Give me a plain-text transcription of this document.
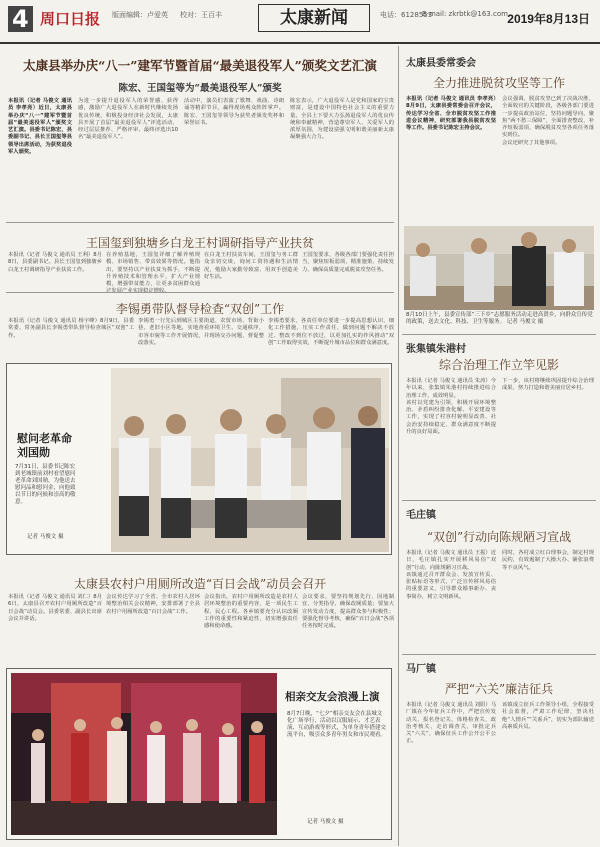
4 周口日报 版面编辑：卢爱英 校对：王百丰	太康新闻	电话：6128553
E-mail: zkrbtk@163.com 2019年8月13日
太康县举办庆“八一”建军节暨首届“最美退役军人”颁奖文艺汇演
陈宏、王国玺等为“最美退役军人”颁奖

本报讯（记者 马俊文 通讯员 李孝亮）近日，太康县举办庆“八一”建军节暨首届“最美退役军人”颁奖文艺汇演。县委书记陈宏，县委副书记、县长王国玺等县领导出席活动，为获奖退役军人颁奖。

为进一步提升退役军人的荣誉感、获得感，激励广大退役军人在新时代继续发扬优良传统，积极投身经济社会发展，太康县开展了首届“最美退役军人”评选活动，经过层层推荐、严格评审，最终评选出10名“最美退役军人”。

活动中，演员们表演了歌舞、戏曲、诗朗诵等精彩节目，赢得现场观众阵阵掌声。陈宏、王国玺等领导为获奖者颁发奖杯和荣誉证书。

陈宏表示，广大退役军人是党和国家的宝贵财富，是建设中国特色社会主义的重要力量。全县上下要大力弘扬退役军人的优良传统和奉献精神，营造尊崇军人、关爱军人的浓厚氛围，为建设富强文明和谐美丽新太康凝聚强大合力。

王国玺到独塘乡白龙王村调研指导产业扶贫

本报讯（记者 马俊文 通讯员 王利）8月8日，县委副书记、县长王国玺到独塘乡白龙王村调研指导产业扶贫工作。

在养殖基地，王国玺详细了解养殖规模、市场销售、带贫效果等情况。他指出，要坚持以产业扶贫为抓手，不断提升养殖技术和管理水平，扩大产业规模，增强带贫能力，让更多贫困群众通

在白龙王村扶贫车间，王国玺与务工群众亲切交谈，询问工资待遇和生活情况，勉励大家勤劳致富、用双手创造美好生活。

王国玺要求，各级各部门要强化责任担当，聚焦短板弱项，精准施策、持续发力，确保高质量完成脱贫攻坚任务。

李锡勇带队督导检查“双创”工作

本报讯（记者 马俊文 通讯员 杨宇峰）8月9日，县委常委、常务副县长李锡勇带队督导检查城区“双创”工作。

李锡勇一行先后到城区主要街道、农贸市场、背街小巷、老旧小区等地，实地查看环境卫生、交通秩序、市容市貌等工作开展情况，并现场交办问题、督促整改落实。

李锡勇要求，各责任单位要进一步提高思想认识，细化工作措施，压实工作责任，做到问题不解决不放过、整改不到位不放过，以更加扎实的作风推动“双创”工作取得实效，不断提升城市品位和群众满意度。

慰问老革命刘国勋
7月31日，县委书记陈宏到老城镇前刘村看望慰问老革命刘国勋，为他送去慰问品和慰问金，向他致以节日的问候和崇高的敬意。
记者 马俊文 摄
太康县农村户用厕所改造“百日会战”动员会召开

本报讯（记者 马俊文 通讯员 刘仁）8月6日，太康县召开农村户用厕所改造“百日会战”动员会。县委常委、副县长出席会议并讲话。

会议传达学习了全省、全市农村人居环境整治相关会议精神，安排部署了全县农村户用厕所改造“百日会战”工作。

会议指出，农村户用厕所改造是农村人居环境整治的重要内容，是一项民生工程、民心工程。各乡镇要充分认识改厕工作的重要性和紧迫性，切实增强责任感和使命感。

会议要求，要坚持规划先行、因地制宜、分类指导，确保改厕质量；要加大宣传发动力度，提高群众参与积极性；要强化督导考核，确保“百日会战”各项任务按时完成。

相亲交友会浪漫上演
8月7日晚，“七夕”相亲交友会在县城文化广场举行，活动以汉服展示、才艺表演、互动游戏等形式，为单身青年搭建交流平台，吸引众多青年男女和市民观看。
记者 马俊文 摄
太康县委常委会
全力推进脱贫攻坚等工作

本报讯（记者 马俊文 通讯员 李孝亮）8月9日，太康县委常委会召开会议，传达学习全省、全市脱贫攻坚工作推进会议精神，研究部署我县脱贫攻坚等工作。县委书记陈宏主持会议。

会议强调，脱贫攻坚已到了决战决胜、全面收官的关键阶段，各级各部门要进一步提高政治站位，坚持问题导向，聚焦“两不愁三保障”，全面排查整改，补齐短板弱项，确保脱贫攻坚各项任务落实到位。

会议还研究了其他事项。

8月10日上午，县委宣传部“三下乡”志愿服务活动走进高贤乡，向群众宣传党的政策，送去文化、科技、卫生等服务。 记者 马俊文 摄
张集镇朱港村
综合治理工作立竿见影

本报讯（记者 马俊文 通讯员 朱涛）今年以来，张集镇朱港村持续推进综合治理工作，成效明显。

该村以党建为引领，积极开展环境整治、矛盾纠纷排查化解、平安建设等工作，实现了村容村貌明显改善、社会治安持续稳定、群众满意度不断提升的良好局面。

下一步，该村将继续巩固提升综合治理成果，努力打造和谐美丽宜居乡村。

毛庄镇
“双创”行动向陈规陋习宣战

本报讯（记者 马俊文 通讯员 王振）近日，毛庄镇扎实开展移风易俗“双创”行动，向陈规陋习宣战。

该镇通过召开群众会、发放宣传页、张贴标语等形式，广泛宣传移风易俗的重要意义，引导群众婚事新办、丧事简办，树立文明新风。

同时，各村成立红白理事会，制定村规民约，有效遏制了大操大办、铺张浪费等不良风气。

马厂镇
严把“六关”廉洁征兵

本报讯（记者 马俊文 通讯员 刘阳）马厂镇在今年征兵工作中，严把宣传发动关、报名登记关、体格检查关、政治考核关、走访调查关、审批定兵关“六关”，确保征兵工作公开公平公正。

该镇成立征兵工作领导小组，全程接受社会监督，严肃工作纪律，坚决杜绝“人情兵”“关系兵”，切实为部队输送高素质兵员。
